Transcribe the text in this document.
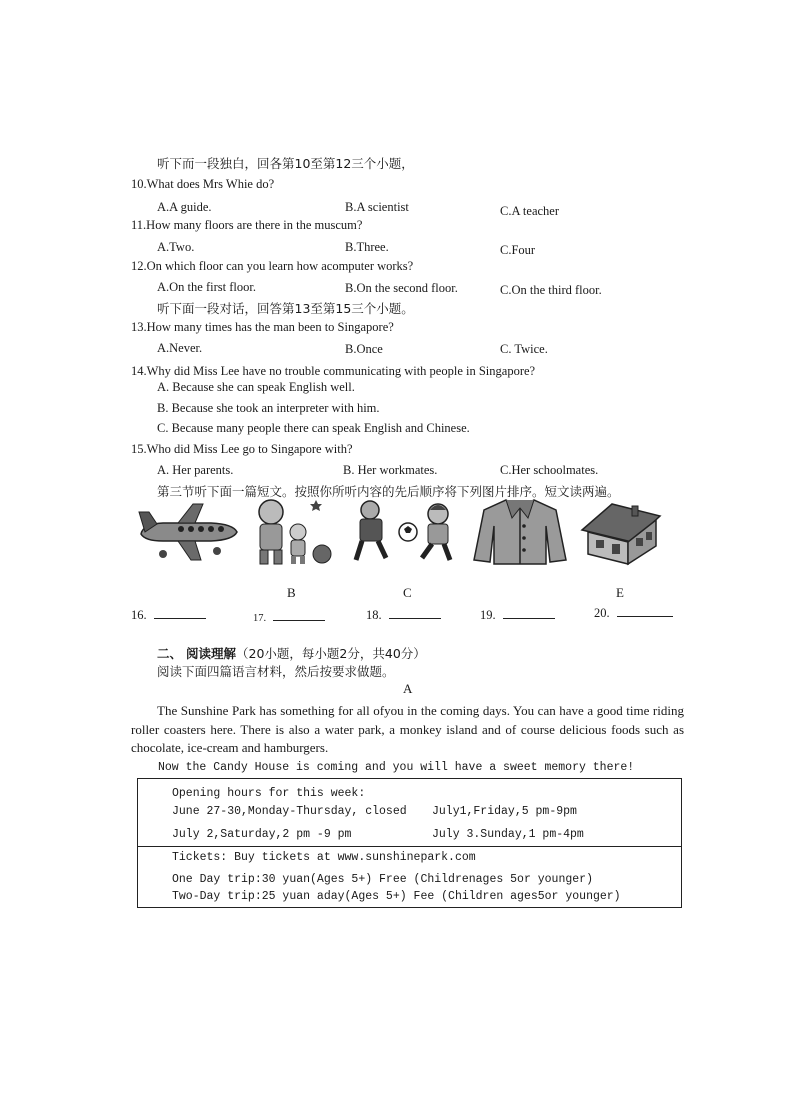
听下而一段独白，回各第10至第12三个小题，
10.What does Mrs Whie do?
A.A guide.	B.A scientist	C.A teacher
11.How many floors are there in the muscum?
A.Two.	B.Three.	C.Four
12.On which floor can you learn how acomputer works?
A.On the first floor.	B.On the second floor.	C.On the third floor.
听下面一段对话，回答第13至第15三个小题。
13.How many times has the man been to Singapore?
A.Never.	B.Once	C. Twice.
14.Why did Miss Lee have no trouble communicating with people in Singapore?
A. Because she can speak English well.
B. Because she took an interpreter with him.
C. Because many people there can speak English and Chinese.
15.Who did Miss Lee go to Singapore with?
A. Her parents.	B. Her workmates.	C.Her schoolmates.
第三节听下面一篇短文。按照你所听内容的先后顺序将下列图片排序。短文读两遍。
B	C	E
16.	17.	18.	19.	20.
二、 阅读理解（20小题，每小题2分，共40分）
阅读下面四篇语言材料，然后按要求做题。
A
The Sunshine Park has something for all ofyou in the coming days. You can have a good time riding roller coasters here. There is also a water park, a monkey island and of course delicious foods such as chocolate, ice-cream and hamburgers.
Now the Candy House is coming and you will have a sweet memory there!
Opening hours for this week:
June 27-30,Monday-Thursday, closed July1,Friday,5 pm-9pm
July 2,Saturday,2 pm -9 pm	July 3.Sunday,1 pm-4pm
Tickets: Buy tickets at www.sunshinepark.com
One Day trip:30 yuan(Ages 5+) Free (Childrenages 5or younger)
Two-Day trip:25 yuan aday(Ages 5+) Fee (Children ages5or younger)
